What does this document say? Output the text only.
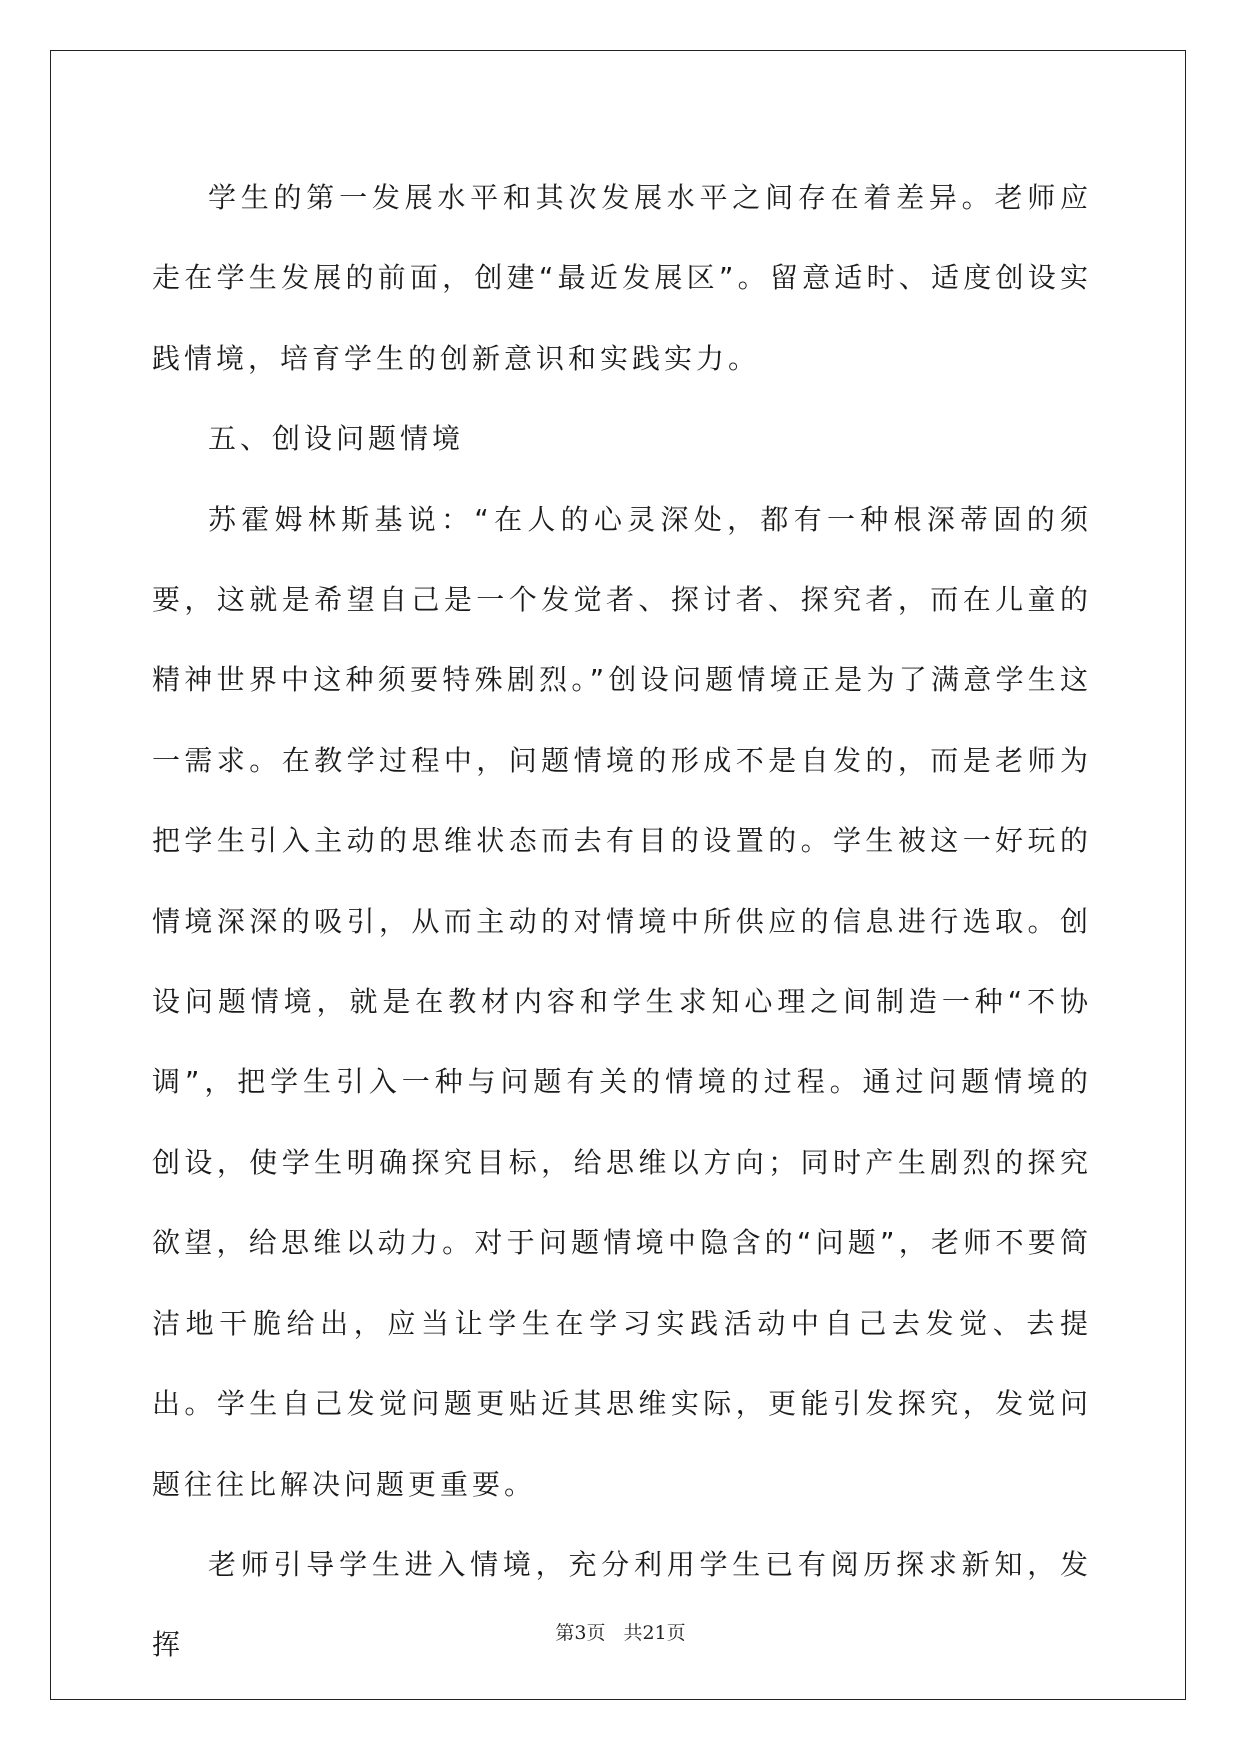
学生的第一发展水平和其次发展水平之间存在着差异。老师应走在学生发展的前面，创建“最近发展区”。留意适时、适度创设实践情境，培育学生的创新意识和实践实力。

五、创设问题情境

苏霍姆林斯基说：“在人的心灵深处，都有一种根深蒂固的须要，这就是希望自己是一个发觉者、探讨者、探究者，而在儿童的精神世界中这种须要特殊剧烈。”创设问题情境正是为了满意学生这一需求。在教学过程中，问题情境的形成不是自发的，而是老师为把学生引入主动的思维状态而去有目的设置的。学生被这一好玩的情境深深的吸引，从而主动的对情境中所供应的信息进行选取。创设问题情境，就是在教材内容和学生求知心理之间制造一种“不协调”，把学生引入一种与问题有关的情境的过程。通过问题情境的创设，使学生明确探究目标，给思维以方向；同时产生剧烈的探究欲望，给思维以动力。对于问题情境中隐含的“问题”，老师不要简洁地干脆给出，应当让学生在学习实践活动中自己去发觉、去提出。学生自己发觉问题更贴近其思维实际，更能引发探究，发觉问题往往比解决问题更重要。

老师引导学生进入情境，充分利用学生已有阅历探求新知，发挥	第3页 共21页
